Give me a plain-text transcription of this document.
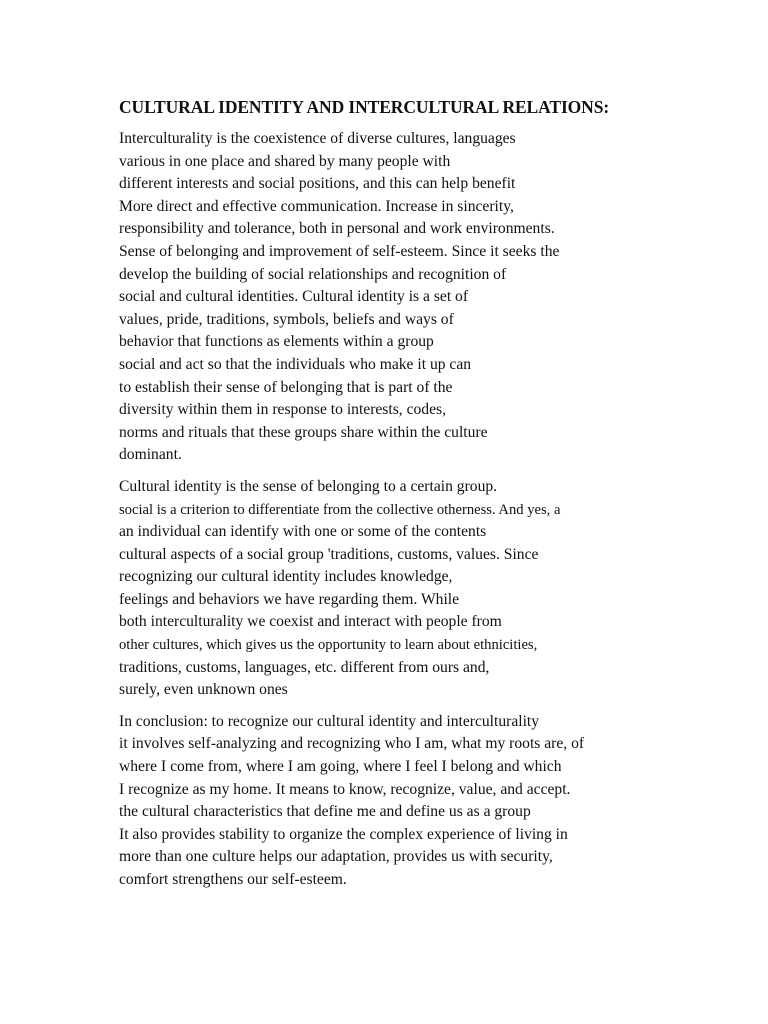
CULTURAL IDENTITY AND INTERCULTURAL RELATIONS:
Interculturality is the coexistence of diverse cultures, languages
various in one place and shared by many people with
different interests and social positions, and this can help benefit
More direct and effective communication. Increase in sincerity,
responsibility and tolerance, both in personal and work environments.
Sense of belonging and improvement of self-esteem. Since it seeks the
develop the building of social relationships and recognition of
social and cultural identities. Cultural identity is a set of
values, pride, traditions, symbols, beliefs and ways of
behavior that functions as elements within a group
social and act so that the individuals who make it up can
to establish their sense of belonging that is part of the
diversity within them in response to interests, codes,
norms and rituals that these groups share within the culture
dominant.
Cultural identity is the sense of belonging to a certain group.
social is a criterion to differentiate from the collective otherness. And yes, a
an individual can identify with one or some of the contents
cultural aspects of a social group 'traditions, customs, values. Since
recognizing our cultural identity includes knowledge,
feelings and behaviors we have regarding them. While
both interculturality we coexist and interact with people from
other cultures, which gives us the opportunity to learn about ethnicities,
traditions, customs, languages, etc. different from ours and,
surely, even unknown ones
In conclusion: to recognize our cultural identity and interculturality
it involves self-analyzing and recognizing who I am, what my roots are, of
where I come from, where I am going, where I feel I belong and which
I recognize as my home. It means to know, recognize, value, and accept.
the cultural characteristics that define me and define us as a group
It also provides stability to organize the complex experience of living in
more than one culture helps our adaptation, provides us with security,
comfort strengthens our self-esteem.
